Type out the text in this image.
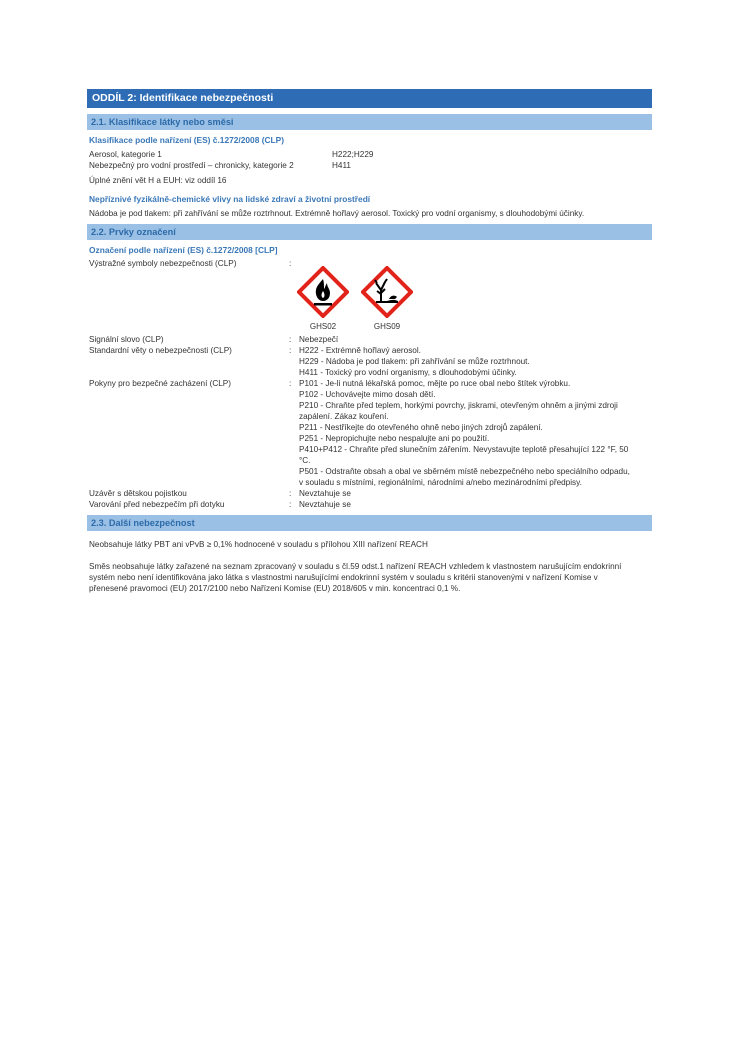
ODDÍL 2: Identifikace nebezpečnosti
2.1. Klasifikace látky nebo směsi
Klasifikace podle nařízení (ES) č.1272/2008 (CLP)
Aerosol, kategorie 1	H222;H229
Nebezpečný pro vodní prostředí – chronicky, kategorie 2	H411
Úplné znění vět H a EUH: viz oddíl 16
Nepříznivé fyzikálně-chemické vlivy na lidské zdraví a životní prostředí
Nádoba je pod tlakem: při zahřívání se může roztrhnout. Extrémně hořlavý aerosol. Toxický pro vodní organismy, s dlouhodobými účinky.
2.2. Prvky označení
Označení podle nařízení (ES) č.1272/2008 [CLP]
Výstražné symboly nebezpečnosti (CLP)	:
GHS02	GHS09
Signální slovo (CLP)	: Nebezpečí
Standardní věty o nebezpečnosti (CLP)	: H222 - Extrémně hořlavý aerosol.
H229 - Nádoba je pod tlakem: při zahřívání se může roztrhnout.
H411 - Toxický pro vodní organismy, s dlouhodobými účinky.
Pokyny pro bezpečné zacházení (CLP)	: P101 - Je-li nutná lékařská pomoc, mějte po ruce obal nebo štítek výrobku.
P102 - Uchovávejte mimo dosah dětí.
P210 - Chraňte před teplem, horkými povrchy, jiskrami, otevřeným ohněm a jinými zdroji
zapálení. Zákaz kouření.
P211 - Nestříkejte do otevřeného ohně nebo jiných zdrojů zapálení.
P251 - Nepropichujte nebo nespalujte ani po použití.
P410+P412 - Chraňte před slunečním zářením. Nevystavujte teplotě přesahující 122 °F, 50
°C.
P501 - Odstraňte obsah a obal ve sběrném místě nebezpečného nebo speciálního odpadu,
v souladu s místními, regionálními, národními a/nebo mezinárodními předpisy.
Uzávěr s dětskou pojistkou	: Nevztahuje se
Varování před nebezpečím při dotyku	: Nevztahuje se
2.3. Další nebezpečnost
Neobsahuje látky PBT ani vPvB ≥ 0,1% hodnocené v souladu s přílohou XIII nařízení REACH
Směs neobsahuje látky zařazené na seznam zpracovaný v souladu s čl.59 odst.1 nařízení REACH vzhledem k vlastnostem narušujícím endokrinní
systém nebo není identifikována jako látka s vlastnostmi narušujícími endokrinní systém v souladu s kritérii stanovenými v nařízení Komise v
přenesené pravomoci (EU) 2017/2100 nebo Nařízení Komise (EU) 2018/605 v min. koncentraci 0,1 %.
